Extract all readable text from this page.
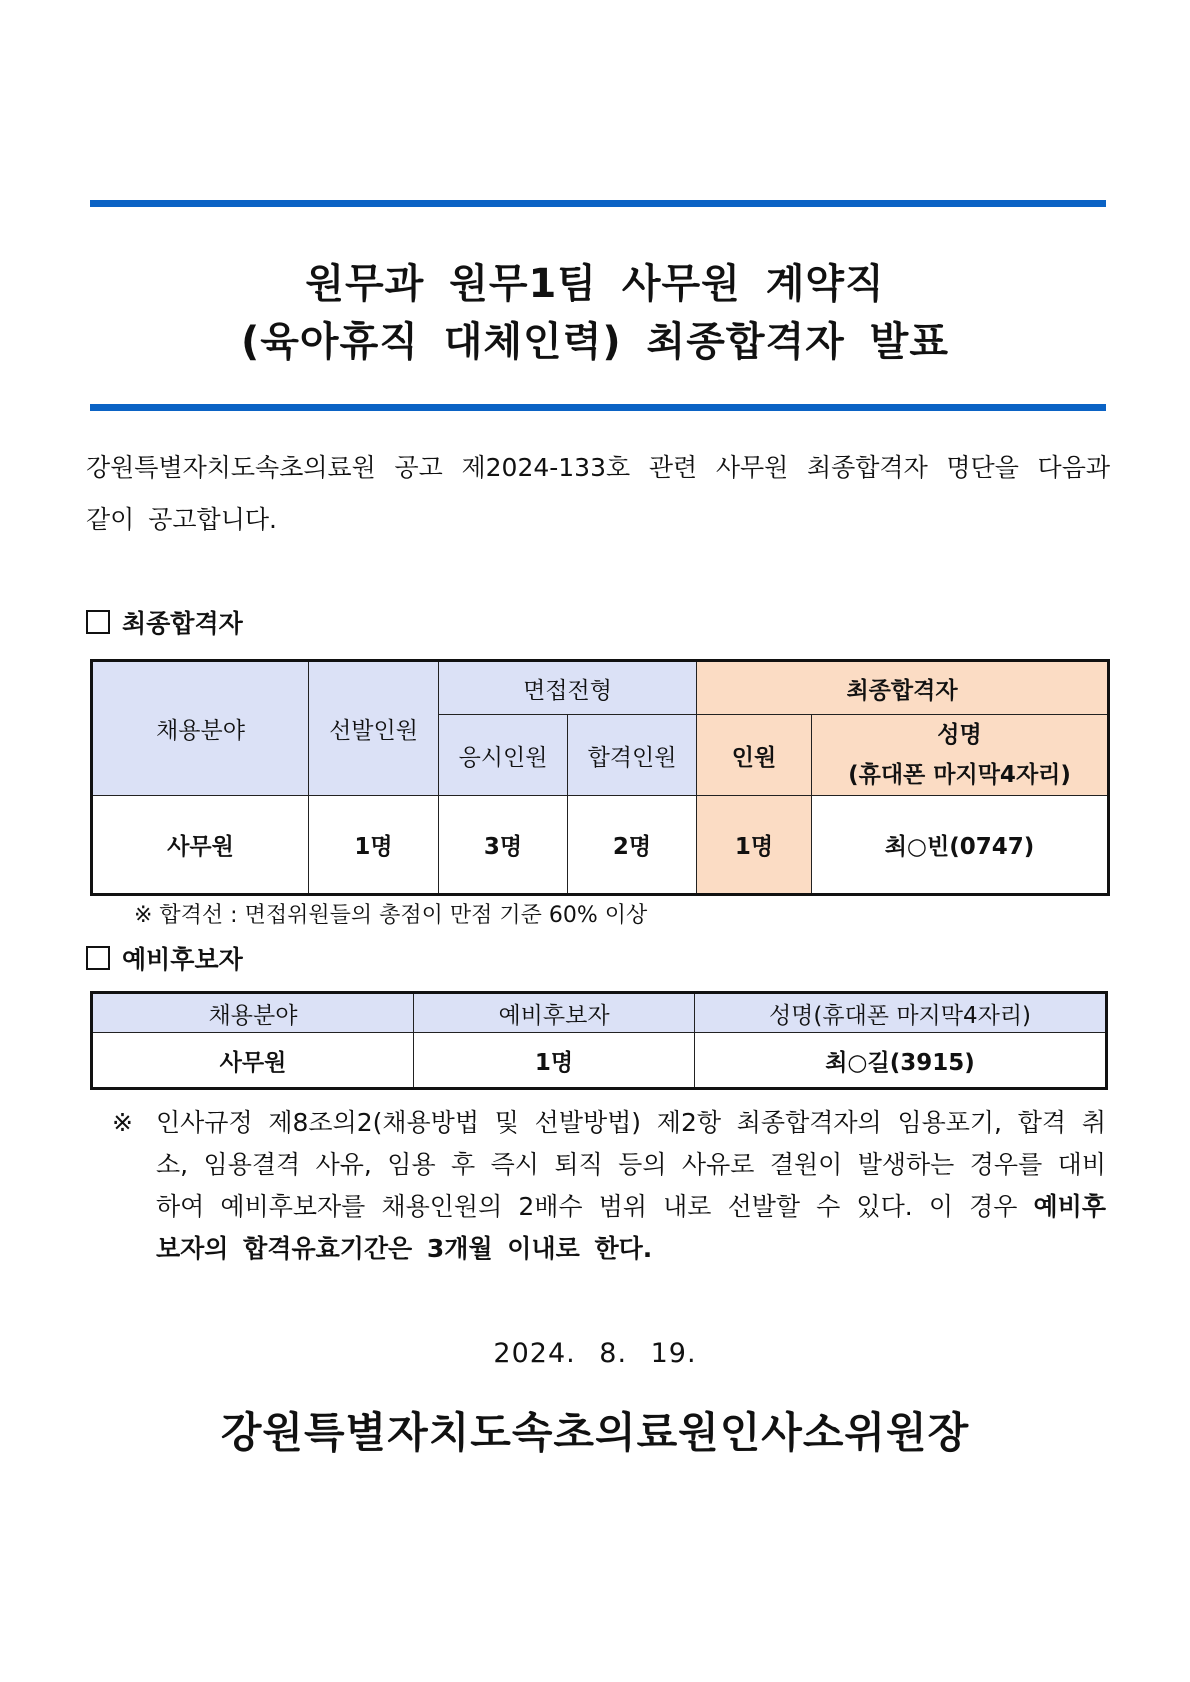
원무과 원무1팀 사무원 계약직
(육아휴직 대체인력) 최종합격자 발표
강원특별자치도속초의료원 공고 제2024-133호 관련 사무원 최종합격자 명단을 다음과 같이 공고합니다.
최종합격자
채용분야	선발인원	면접전형		최종합격자	
		응시인원	합격인원	인원	성명
(휴대폰 마지막4자리)

사무원	1명	3명	2명	1명	최○빈(0747)
※ 합격선 : 면접위원들의 총점이 만점 기준 60% 이상
예비후보자
채용분야	예비후보자	성명(휴대폰 마지막4자리)
사무원	1명	최○길(3915)
※ 인사규정 제8조의2(채용방법 및 선발방법) 제2항 최종합격자의 임용포기, 합격 취소, 임용결격 사유, 임용 후 즉시 퇴직 등의 사유로 결원이 발생하는 경우를 대비하여 예비후보자를 채용인원의 2배수 범위 내로 선발할 수 있다. 이 경우 예비후보자의 합격유효기간은 3개월 이내로 한다.
2024. 8. 19.
강원특별자치도속초의료원인사소위원장
